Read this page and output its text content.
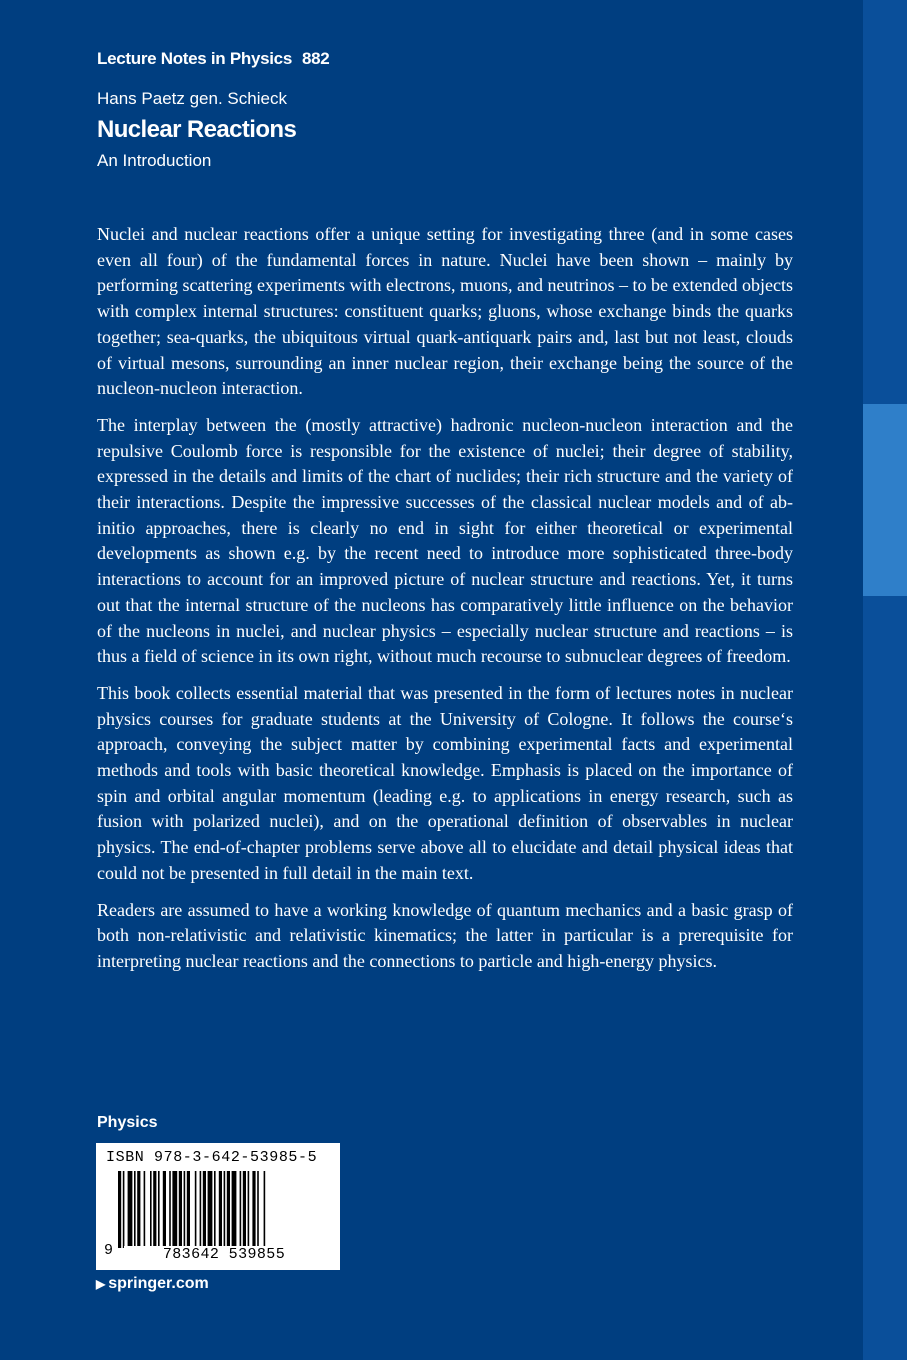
Lecture Notes in Physics 882
Hans Paetz gen. Schieck
Nuclear Reactions
An Introduction

Nuclei and nuclear reactions offer a unique setting for investigating three (and in some cases even all four) of the fundamental forces in nature. Nuclei have been shown – mainly by performing scattering experiments with electrons, muons, and neutrinos – to be extended objects with complex internal structures: constituent quarks; gluons, whose exchange binds the quarks together; sea-quarks, the ubiquitous virtual quark-antiquark pairs and, last but not least, clouds of virtual mesons, surrounding an inner nuclear region, their exchange being the source of the nucleon-nucleon interaction.

The interplay between the (mostly attractive) hadronic nucleon-nucleon interaction and the repulsive Coulomb force is responsible for the existence of nuclei; their degree of stability, expressed in the details and limits of the chart of nuclides; their rich structure and the variety of their interactions. Despite the impressive successes of the classical nuclear models and of ab-initio approaches, there is clearly no end in sight for either theoretical or experimental developments as shown e.g. by the recent need to introduce more sophisticated three-body interactions to account for an improved picture of nuclear structure and reactions. Yet, it turns out that the internal structure of the nucleons has comparatively little influence on the behavior of the nucleons in nuclei, and nuclear physics – especially nuclear structure and reactions – is thus a field of science in its own right, without much recourse to subnuclear degrees of freedom.

This book collects essential material that was presented in the form of lectures notes in nuclear physics courses for graduate students at the University of Cologne. It follows the course‘s approach, conveying the subject matter by combining experimental facts and experimental methods and tools with basic theoretical knowledge. Emphasis is placed on the importance of spin and orbital angular momentum (leading e.g. to applications in energy research, such as fusion with polarized nuclei), and on the operational definition of observables in nuclear physics. The end-of-chapter problems serve above all to elucidate and detail physical ideas that could not be presented in full detail in the main text.

Readers are assumed to have a working knowledge of quantum mechanics and a basic grasp of both non-relativistic and relativistic kinematics; the latter in particular is a prerequisite for interpreting nuclear reactions and the connections to particle and high-energy physics.

Physics
ISBN 978-3-642-53985-5
9	783642 539855
▶ springer.com
